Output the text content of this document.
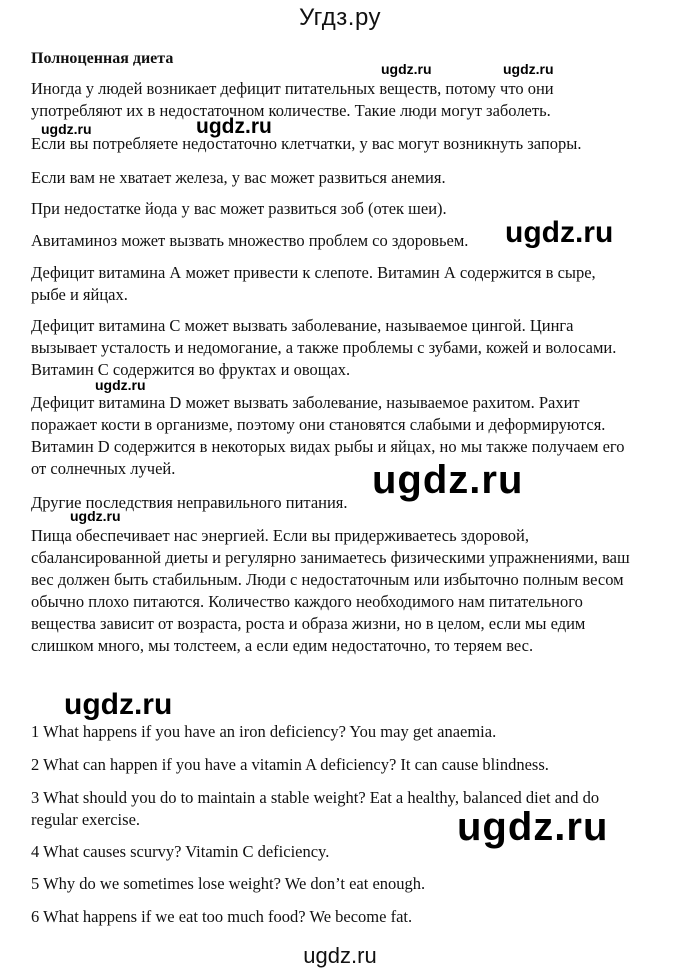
Угдз.ру
Полноценная диета

Иногда у людей возникает дефицит питательных веществ, потому что они употребляют их в недостаточном количестве. Такие люди могут заболеть.

Если вы потребляете недостаточно клетчатки, у вас могут возникнуть запоры.

Если вам не хватает железа, у вас может развиться анемия.

При недостатке йода у вас может развиться зоб (отек шеи).

Авитаминоз может вызвать множество проблем со здоровьем.

Дефицит витамина А может привести к слепоте. Витамин А содержится в сыре, рыбе и яйцах.

Дефицит витамина С может вызвать заболевание, называемое цингой. Цинга вызывает усталость и недомогание, а также проблемы с зубами, кожей и волосами. Витамин С содержится во фруктах и овощах.

Дефицит витамина D может вызвать заболевание, называемое рахитом. Рахит поражает кости в организме, поэтому они становятся слабыми и деформируются. Витамин D содержится в некоторых видах рыбы и яйцах, но мы также получаем его от солнечных лучей.

Другие последствия неправильного питания.

Пища обеспечивает нас энергией. Если вы придерживаетесь здоровой, сбалансированной диеты и регулярно занимаетесь физическими упражнениями, ваш вес должен быть стабильным. Люди с недостаточным или избыточно полным весом обычно плохо питаются. Количество каждого необходимого нам питательного вещества зависит от возраста, роста и образа жизни, но в целом, если мы едим слишком много, мы толстеем, а если едим недостаточно, то теряем вес.

1 What happens if you have an iron deficiency? You may get anaemia.

2 What can happen if you have a vitamin A deficiency? It can cause blindness.

3 What should you do to maintain a stable weight? Eat a healthy, balanced diet and do regular exercise.

4 What causes scurvy? Vitamin C deficiency.

5 Why do we sometimes lose weight? We don’t eat enough.

6 What happens if we eat too much food? We become fat.

ugdz.ru	ugdz.ru
ugdz.ru	ugdz.ru
ugdz.ru
ugdz.ru
ugdz.ru
ugdz.ru
ugdz.ru
ugdz.ru
ugdz.ru
